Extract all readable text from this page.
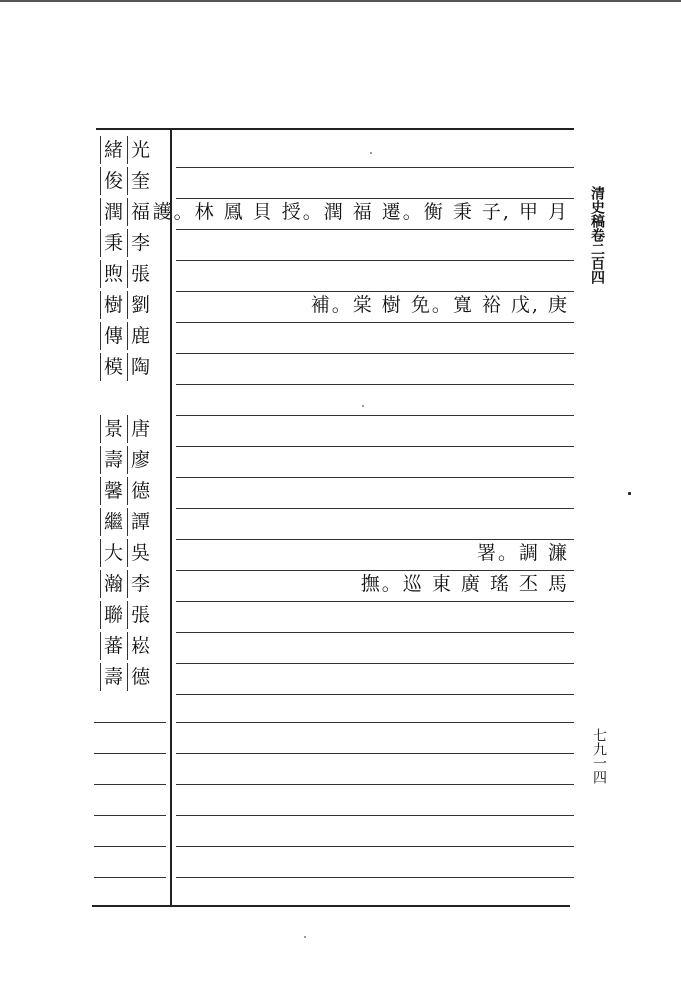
緒 光
俊 奎
潤 福
秉 李
煦 張
樹 劉
傳 鹿
模 陶
景 唐
壽 廖
馨 德
繼 譚
大 吳
瀚 李
聯 張
蕃 崧
壽 德
護。林 鳳 貝 授。潤 福 遷。衡 秉 子, 甲 月
補。棠 樹 免。寬 裕 戊, 庚
署。調 濂
撫。巡 東 廣 瑤 丕 馬
清史稿卷二百四
七九一四
